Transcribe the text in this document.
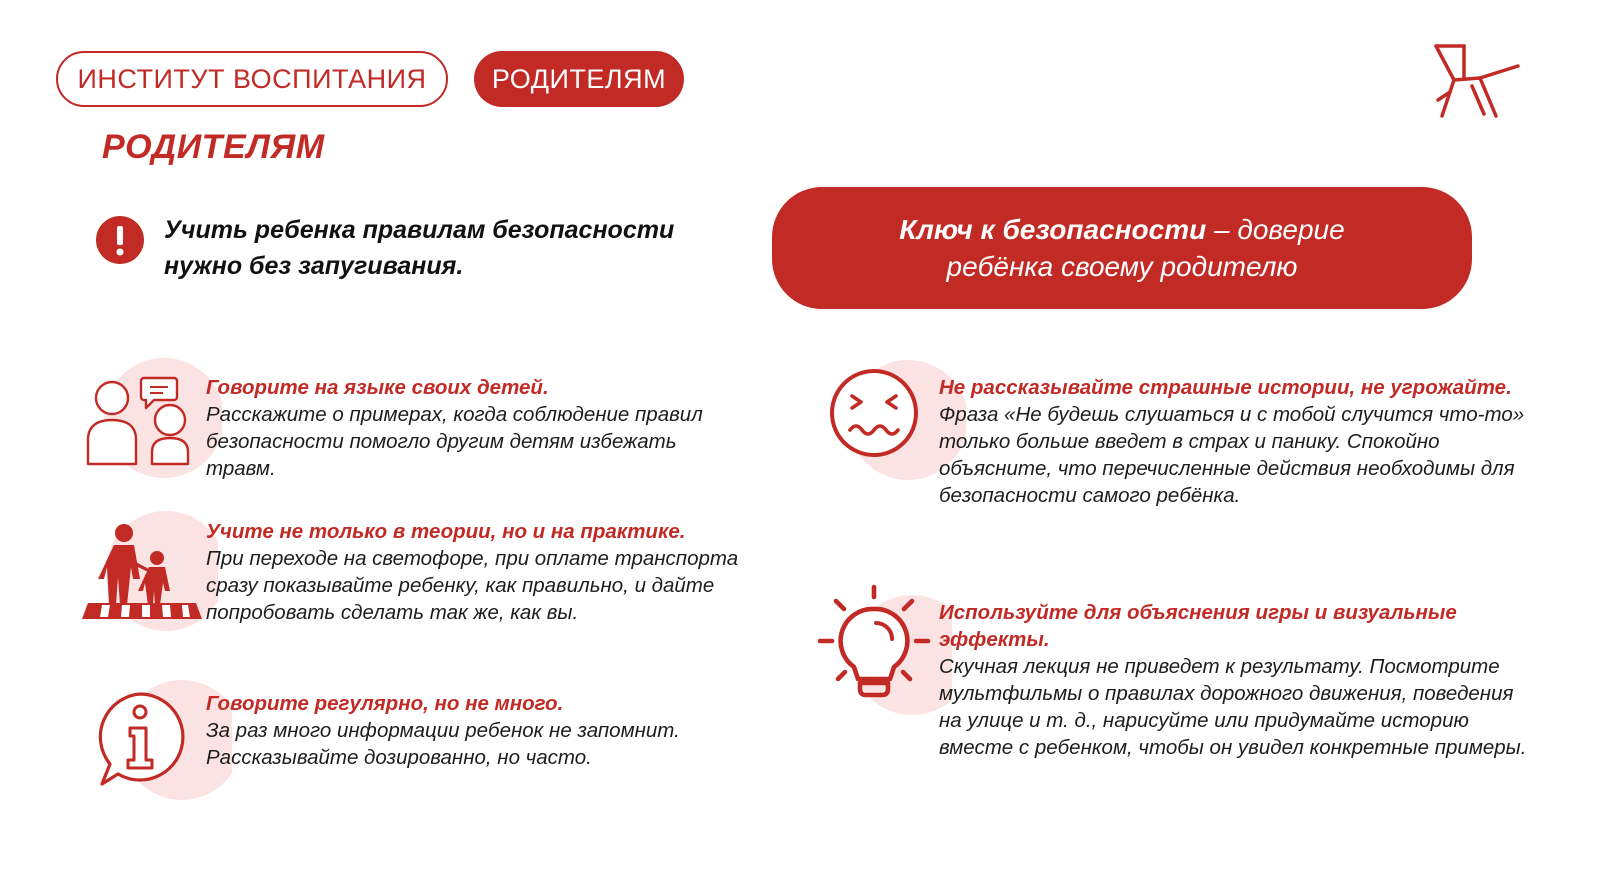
ИНСТИТУТ ВОСПИТАНИЯ	РОДИТЕЛЯМ
РОДИТЕЛЯМ
Учить ребенка правилам безопасности
нужно без запугивания.
Ключ к безопасности – доверие ребёнка своему родителю
Говорите на языке своих детей.
Расскажите о примерах, когда соблюдение правил безопасности помогло другим детям избежать травм.
Учите не только в теории, но и на практике.
При переходе на светофоре, при оплате транспорта сразу показывайте ребенку, как правильно, и дайте попробовать сделать так же, как вы.
Говорите регулярно, но не много.
За раз много информации ребенок не запомнит. Рассказывайте дозированно, но часто.
Не рассказывайте страшные истории, не угрожайте.
Фраза «Не будешь слушаться и с тобой случится что-то» только больше введет в страх и панику. Спокойно объясните, что перечисленные действия необходимы для безопасности самого ребёнка.
Используйте для объяснения игры и визуальные эффекты.
Скучная лекция не приведет к результату. Посмотрите мультфильмы о правилах дорожного движения, поведения на улице и т. д., нарисуйте или придумайте историю вместе с ребенком, чтобы он увидел конкретные примеры.
